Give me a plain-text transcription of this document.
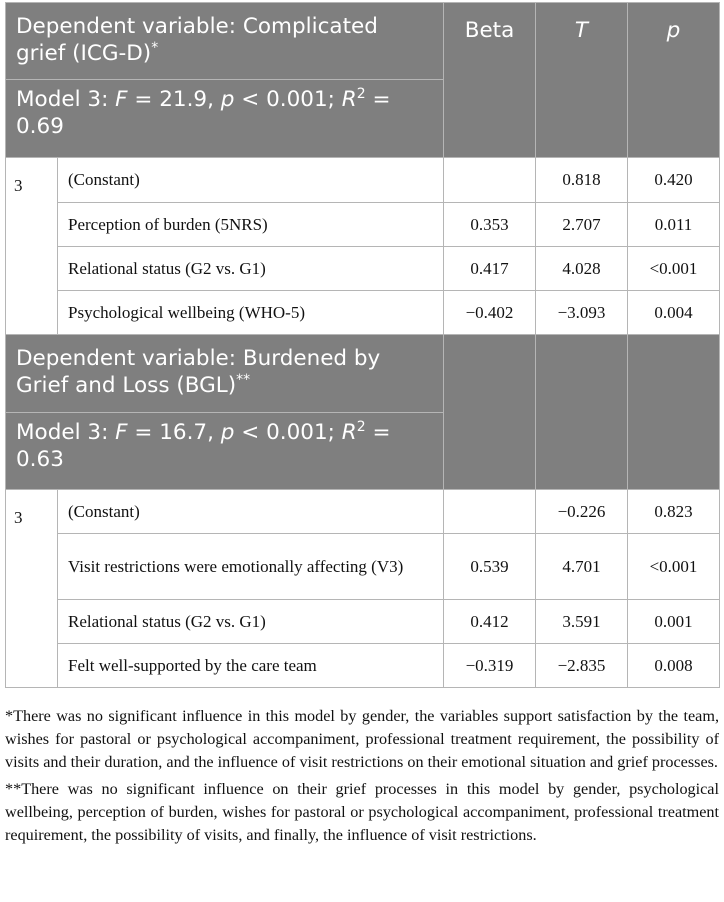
Dependent variable: Complicated grief (ICG-D)*		Beta	T	p
Model 3: F = 21.9, p < 0.001; $R^2 = 0.69$				
3	(Constant)		0.818	0.420
	Perception of burden (5NRS)	0.353	2.707	0.011
	Relational status (G2 vs. G1)	0.417	4.028	<0.001
	Psychological wellbeing (WHO-5)	−0.402	−3.093	0.004
Dependent variable: Burdened by Grief and Loss (BGL)**			
Model 3: F = 16.7, p < 0.001; $R^2 = 0.63$				
3	(Constant)		−0.226	0.823
	Visit restrictions were emotionally affecting (V3)	0.539	4.701	<0.001
	Relational status (G2 vs. G1)	0.412	3.591	0.001
	Felt well-supported by the care team	−0.319	−2.835	0.008

*There was no significant influence in this model by gender, the variables support satisfaction by the team, wishes for pastoral or psychological accompaniment, professional treatment requirement, the possibility of visits and their duration, and the influence of visit restrictions on their emotional situation and grief processes.

**There was no significant influence on their grief processes in this model by gender, psychological wellbeing, perception of burden, wishes for pastoral or psychological accompaniment, professional treatment requirement, the possibility of visits, and finally, the influence of visit restrictions.
